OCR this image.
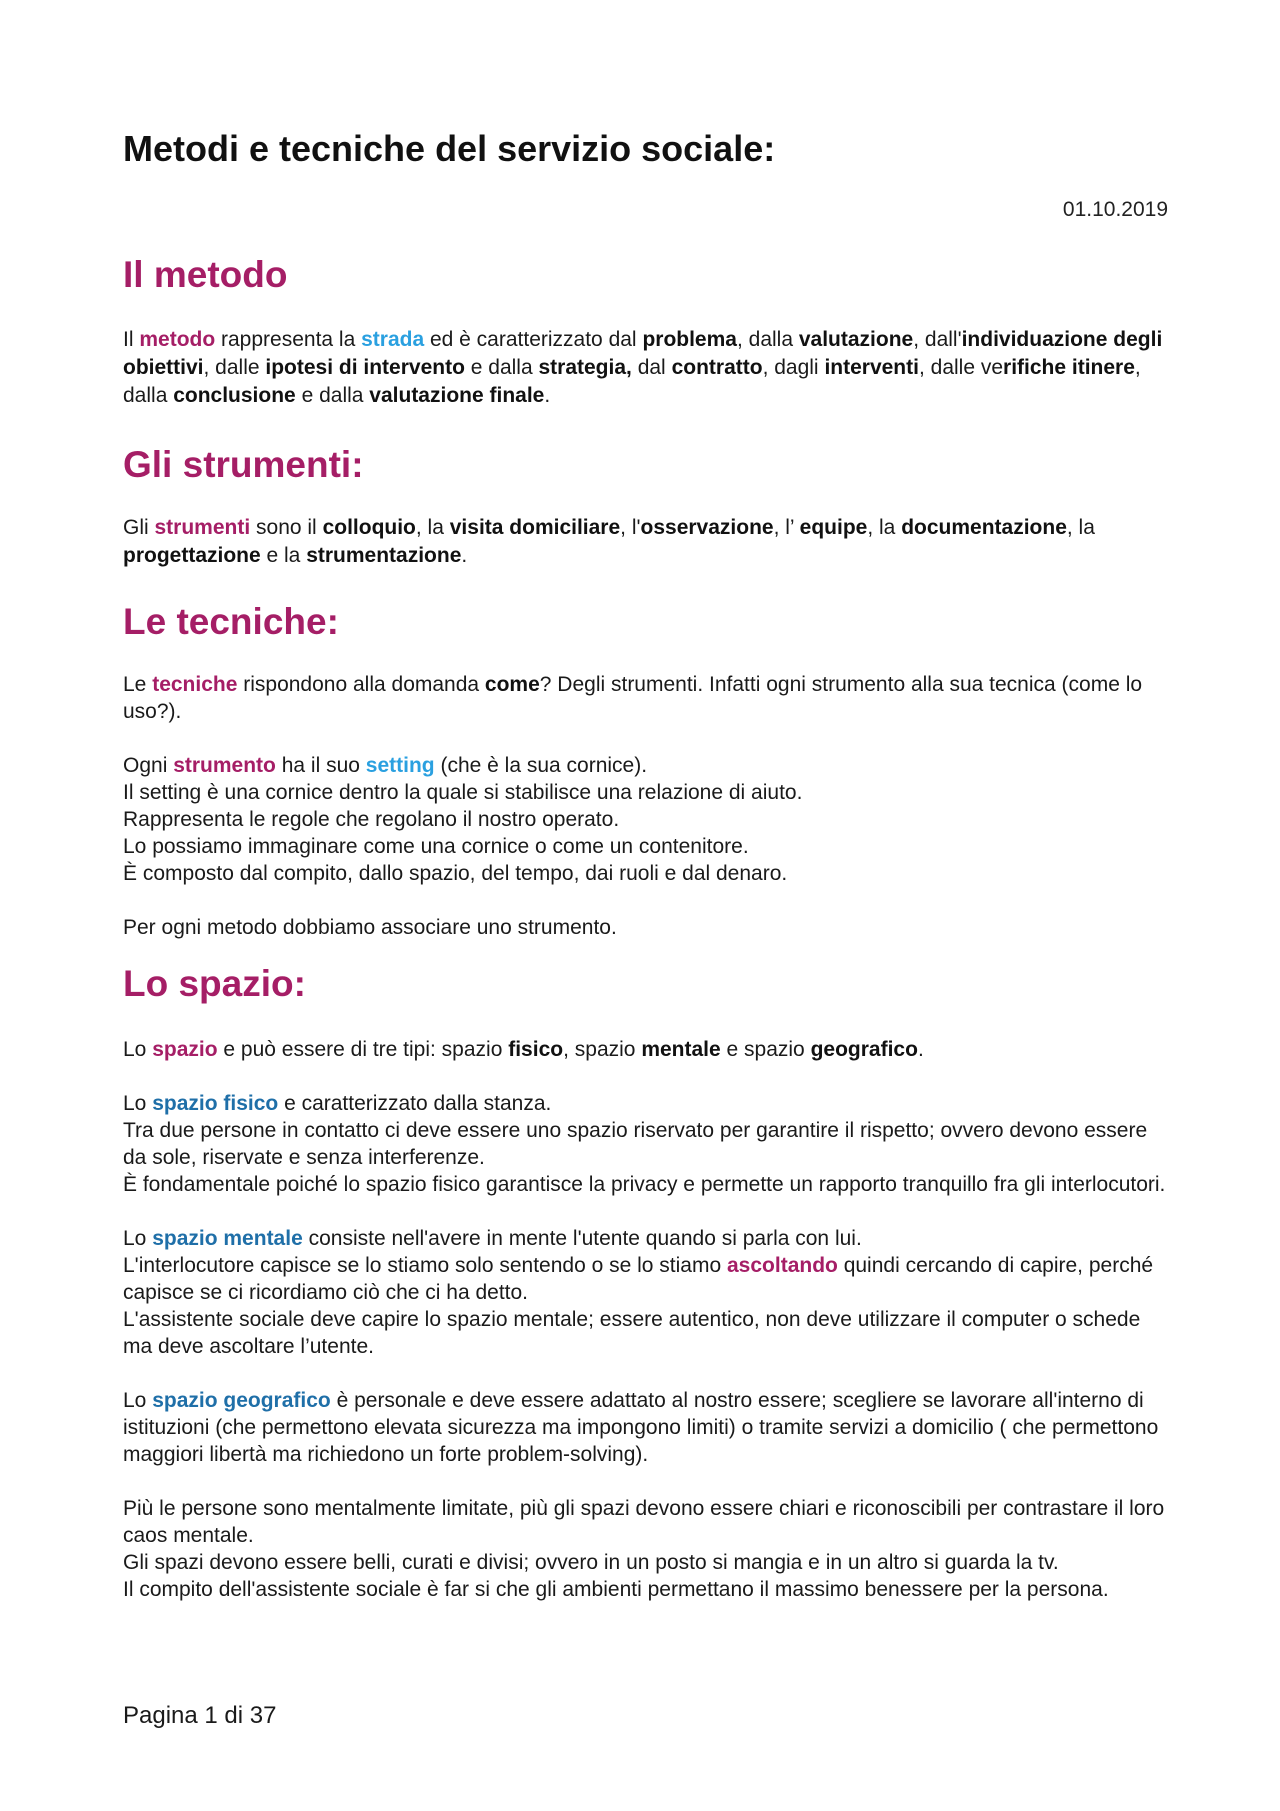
Metodi e tecniche del servizio sociale:
01.10.2019
Il metodo

Il metodo rappresenta la strada ed è caratterizzato dal problema, dalla valutazione, dall'individuazione degli obiettivi, dalle ipotesi di intervento e dalla strategia, dal contratto, dagli interventi, dalle verifiche itinere, dalla conclusione e dalla valutazione finale.

Gli strumenti:

Gli strumenti sono il colloquio, la visita domiciliare, l'osservazione, l’ equipe, la documentazione, la progettazione e la strumentazione.

Le tecniche:

Le tecniche rispondono alla domanda come? Degli strumenti. Infatti ogni strumento alla sua tecnica (come lo uso?).

Ogni strumento ha il suo setting (che è la sua cornice).

Il setting è una cornice dentro la quale si stabilisce una relazione di aiuto.

Rappresenta le regole che regolano il nostro operato.

Lo possiamo immaginare come una cornice o come un contenitore.

È composto dal compito, dallo spazio, del tempo, dai ruoli e dal denaro.

Per ogni metodo dobbiamo associare uno strumento.

Lo spazio:

Lo spazio e può essere di tre tipi: spazio fisico, spazio mentale e spazio geografico.

Lo spazio fisico e caratterizzato dalla stanza.

Tra due persone in contatto ci deve essere uno spazio riservato per garantire il rispetto; ovvero devono essere da sole, riservate e senza interferenze.

È fondamentale poiché lo spazio fisico garantisce la privacy e permette un rapporto tranquillo fra gli interlocutori.

Lo spazio mentale consiste nell'avere in mente l'utente quando si parla con lui.

L'interlocutore capisce se lo stiamo solo sentendo o se lo stiamo ascoltando quindi cercando di capire, perché capisce se ci ricordiamo ciò che ci ha detto.

L'assistente sociale deve capire lo spazio mentale; essere autentico, non deve utilizzare il computer o schede ma deve ascoltare l’utente.

Lo spazio geografico è personale e deve essere adattato al nostro essere; scegliere se lavorare all'interno di istituzioni (che permettono elevata sicurezza ma impongono limiti) o tramite servizi a domicilio ( che permettono maggiori libertà ma richiedono un forte problem-solving).

Più le persone sono mentalmente limitate, più gli spazi devono essere chiari e riconoscibili per contrastare il loro caos mentale.

Gli spazi devono essere belli, curati e divisi; ovvero in un posto si mangia e in un altro si guarda la tv.

Il compito dell'assistente sociale è far si che gli ambienti permettano il massimo benessere per la persona.

Pagina 1 di 37
